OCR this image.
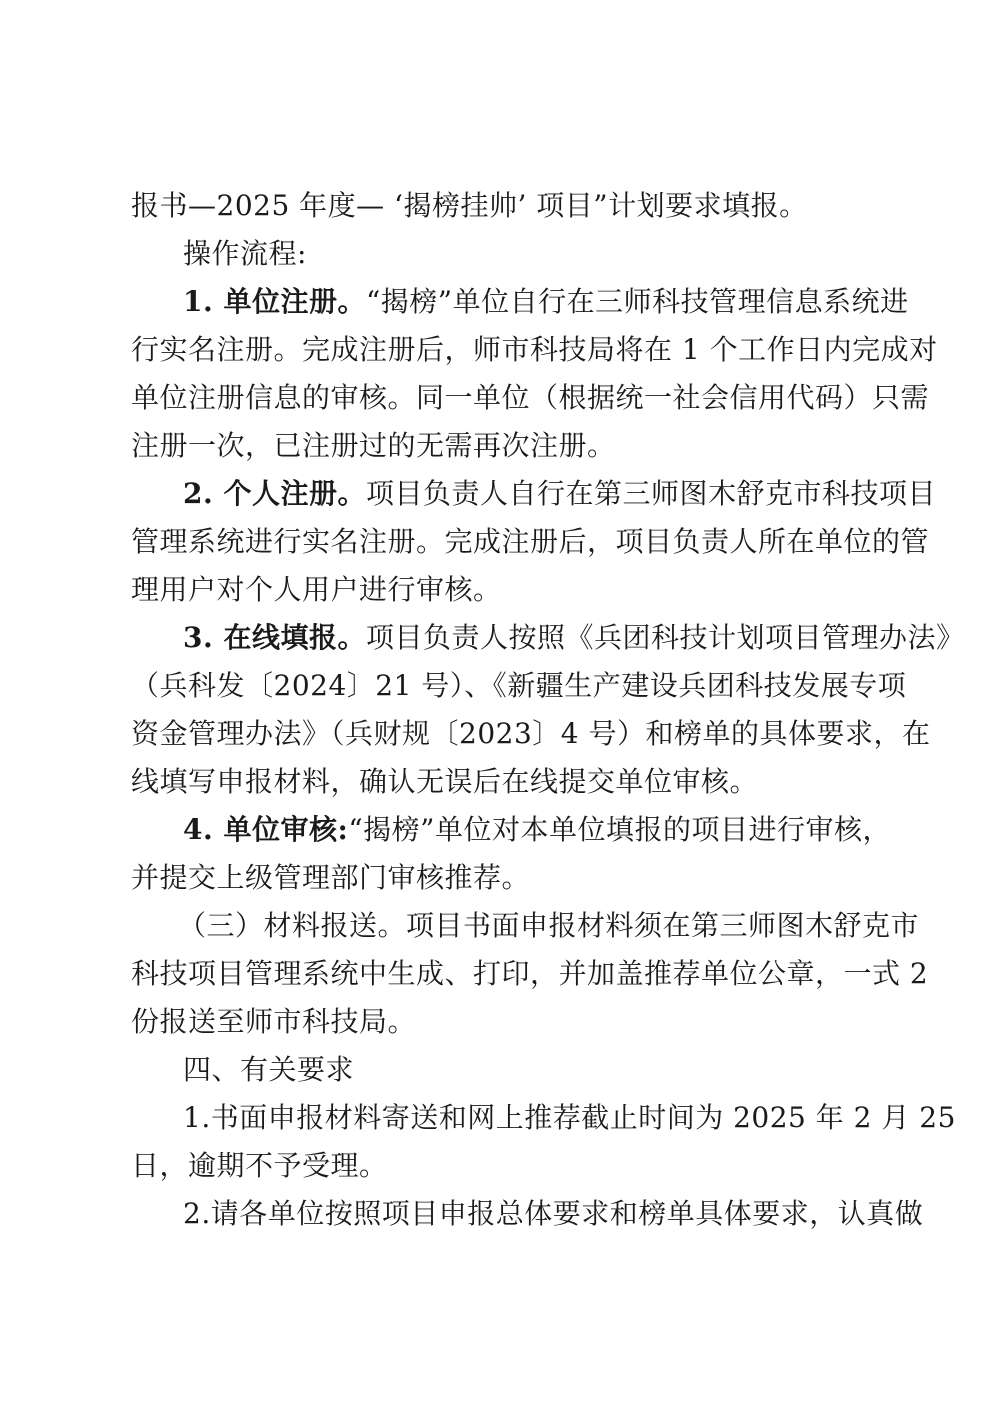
报书—2025 年度— ‘揭榜挂帅’ 项目”计划要求填报。
操作流程:
1. 单位注册。“揭榜”单位自行在三师科技管理信息系统进
行实名注册。完成注册后，师市科技局将在 1 个工作日内完成对
单位注册信息的审核。同一单位（根据统一社会信用代码）只需
注册一次，已注册过的无需再次注册。
2. 个人注册。项目负责人自行在第三师图木舒克市科技项目
管理系统进行实名注册。完成注册后，项目负责人所在单位的管
理用户对个人用户进行审核。
3. 在线填报。项目负责人按照《兵团科技计划项目管理办法》
（兵科发〔2024〕21 号）、《新疆生产建设兵团科技发展专项
资金管理办法》（兵财规〔2023〕4 号）和榜单的具体要求，在
线填写申报材料，确认无误后在线提交单位审核。
4. 单位审核:“揭榜”单位对本单位填报的项目进行审核，
并提交上级管理部门审核推荐。
（三）材料报送。项目书面申报材料须在第三师图木舒克市
科技项目管理系统中生成、打印，并加盖推荐单位公章，一式 2
份报送至师市科技局。
四、有关要求
1.书面申报材料寄送和网上推荐截止时间为 2025 年 2 月 25
日，逾期不予受理。
2.请各单位按照项目申报总体要求和榜单具体要求，认真做
